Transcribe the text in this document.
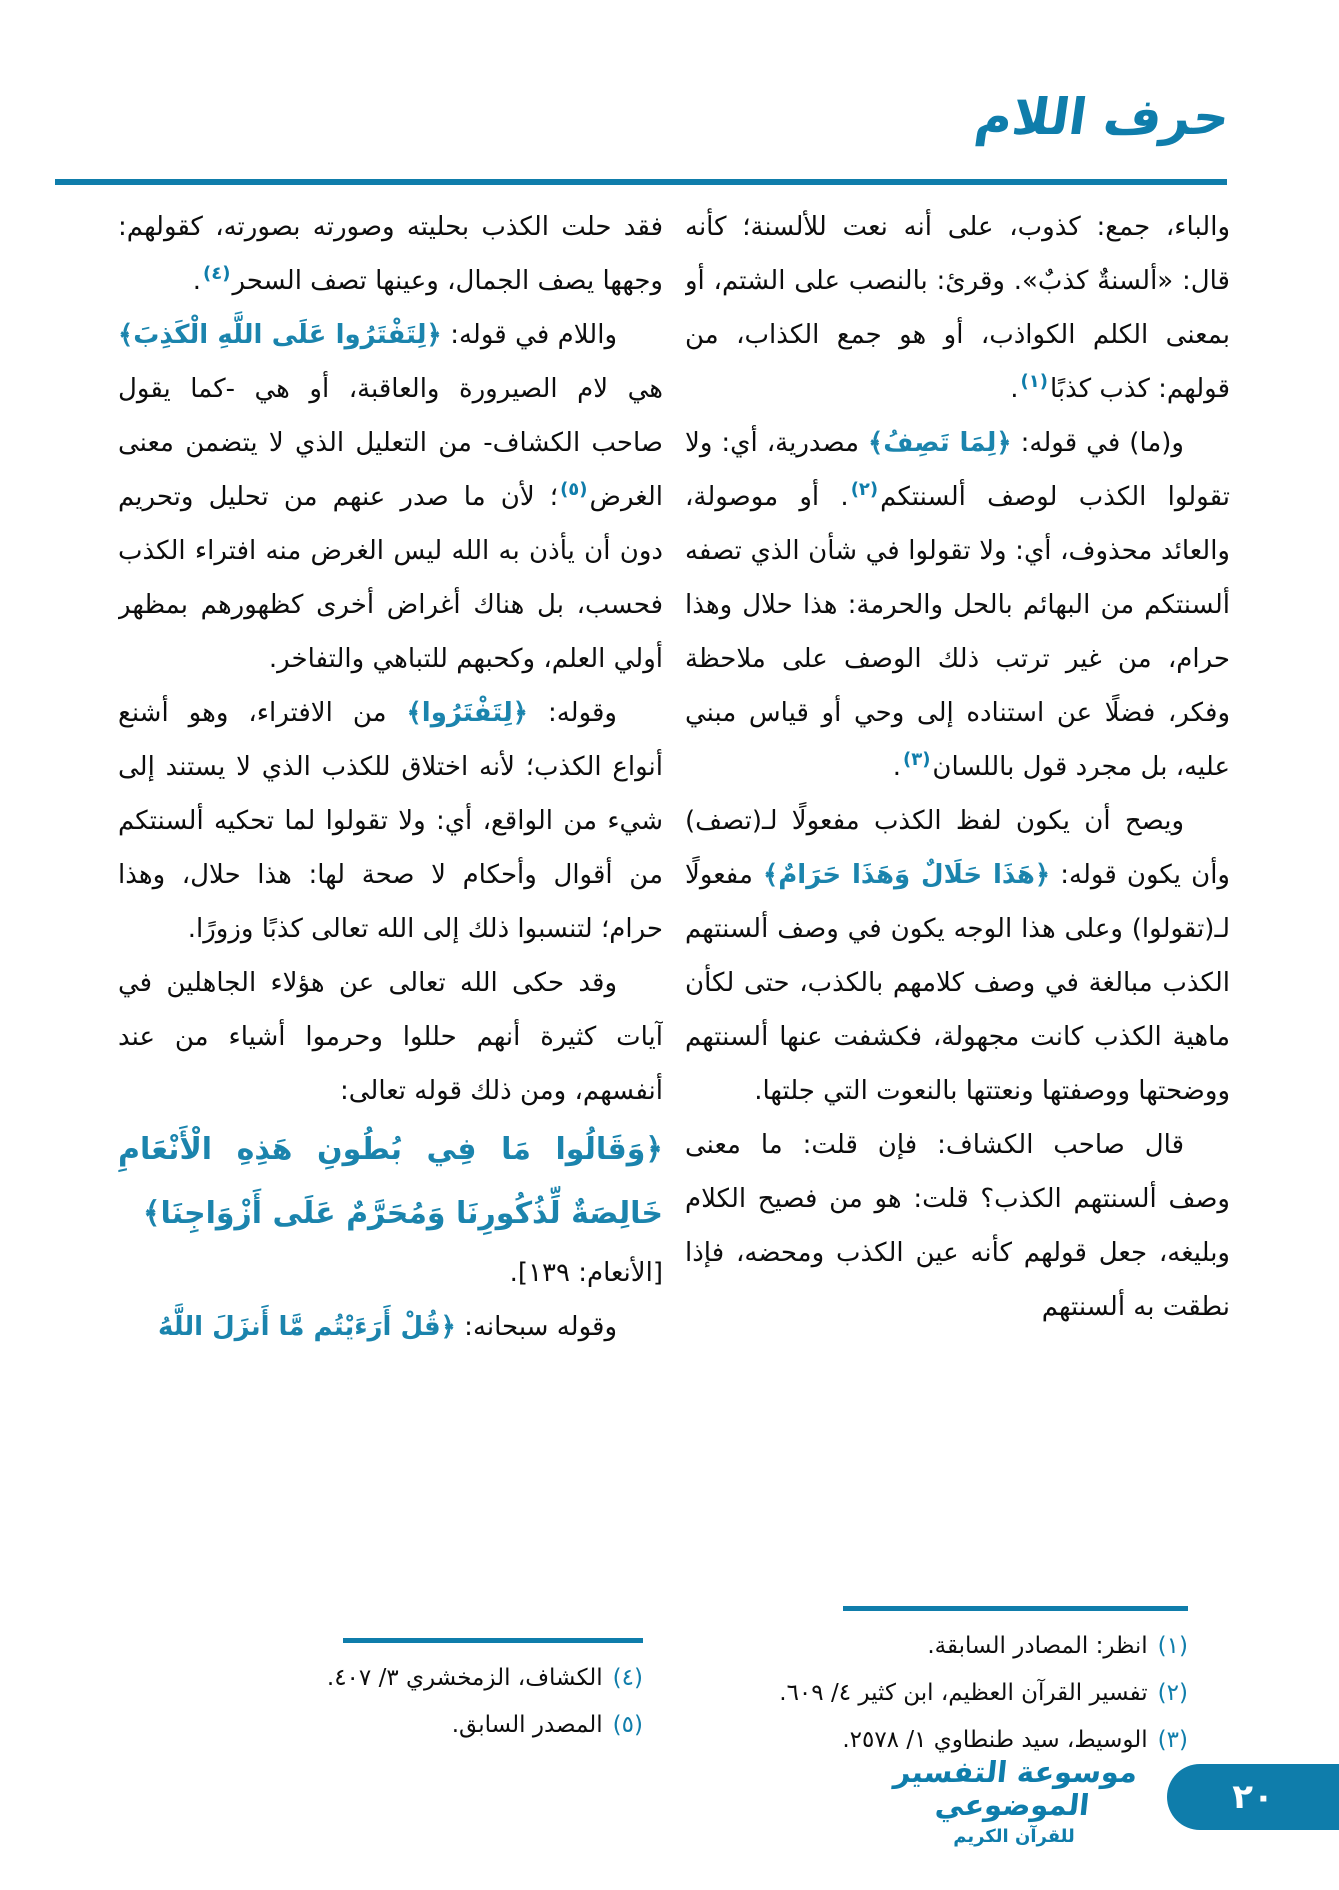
حرف اللام

والباء، جمع: كذوب، على أنه نعت للألسنة؛ كأنه قال: «ألسنةٌ كذبٌ». وقرئ: بالنصب على الشتم، أو بمعنى الكلم الكواذب، أو هو جمع الكذاب، من قولهم: كذب كذبًا$^{(١)}$.

و(ما) في قوله: ﴿لِمَا تَصِفُ﴾ مصدرية، أي: ولا تقولوا الكذب لوصف ألسنتكم$^{(٢)}$. أو موصولة، والعائد محذوف، أي: ولا تقولوا في شأن الذي تصفه ألسنتكم من البهائم بالحل والحرمة: هذا حلال وهذا حرام، من غير ترتب ذلك الوصف على ملاحظة وفكر، فضلًا عن استناده إلى وحي أو قياس مبني عليه، بل مجرد قول باللسان$^{(٣)}$.

ويصح أن يكون لفظ الكذب مفعولًا لـ(تصف) وأن يكون قوله: ﴿هَذَا حَلَالٌ وَهَذَا حَرَامٌ﴾ مفعولًا لـ(تقولوا) وعلى هذا الوجه يكون في وصف ألسنتهم الكذب مبالغة في وصف كلامهم بالكذب، حتى لكأن ماهية الكذب كانت مجهولة، فكشفت عنها ألسنتهم ووضحتها ووصفتها ونعتتها بالنعوت التي جلتها.

قال صاحب الكشاف: فإن قلت: ما معنى وصف ألسنتهم الكذب؟ قلت: هو من فصيح الكلام وبليغه، جعل قولهم كأنه عين الكذب ومحضه، فإذا نطقت به ألسنتهم

فقد حلت الكذب بحليته وصورته بصورته، كقولهم: وجهها يصف الجمال، وعينها تصف السحر$^{(٤)}$.

واللام في قوله: ﴿لِتَفْتَرُوا عَلَى اللَّهِ الْكَذِبَ﴾ هي لام الصيرورة والعاقبة، أو هي -كما يقول صاحب الكشاف- من التعليل الذي لا يتضمن معنى الغرض$^{(٥)}$؛ لأن ما صدر عنهم من تحليل وتحريم دون أن يأذن به الله ليس الغرض منه افتراء الكذب فحسب، بل هناك أغراض أخرى كظهورهم بمظهر أولي العلم، وكحبهم للتباهي والتفاخر.

وقوله: ﴿لِتَفْتَرُوا﴾ من الافتراء، وهو أشنع أنواع الكذب؛ لأنه اختلاق للكذب الذي لا يستند إلى شيء من الواقع، أي: ولا تقولوا لما تحكيه ألسنتكم من أقوال وأحكام لا صحة لها: هذا حلال، وهذا حرام؛ لتنسبوا ذلك إلى الله تعالى كذبًا وزورًا.

وقد حكى الله تعالى عن هؤلاء الجاهلين في آيات كثيرة أنهم حللوا وحرموا أشياء من عند أنفسهم، ومن ذلك قوله تعالى:
﴿وَقَالُوا مَا فِي بُطُونِ هَذِهِ الْأَنْعَامِ خَالِصَةٌ لِّذُكُورِنَا وَمُحَرَّمٌ عَلَى أَزْوَاجِنَا﴾
[الأنعام: ١٣٩].

وقوله سبحانه: ﴿قُلْ أَرَءَيْتُم مَّا أَنزَلَ اللَّهُ

(١)انظر: المصادر السابقة.
(٢)تفسير القرآن العظيم، ابن كثير ٤/ ٦٠٩.
(٣)الوسيط، سيد طنطاوي ١/ ٢٥٧٨.
(٤)الكشاف، الزمخشري ٣/ ٤٠٧.
(٥)المصدر السابق.
موسوعة التفسير الموضوعي
للقرآن الكريم
٢٠
